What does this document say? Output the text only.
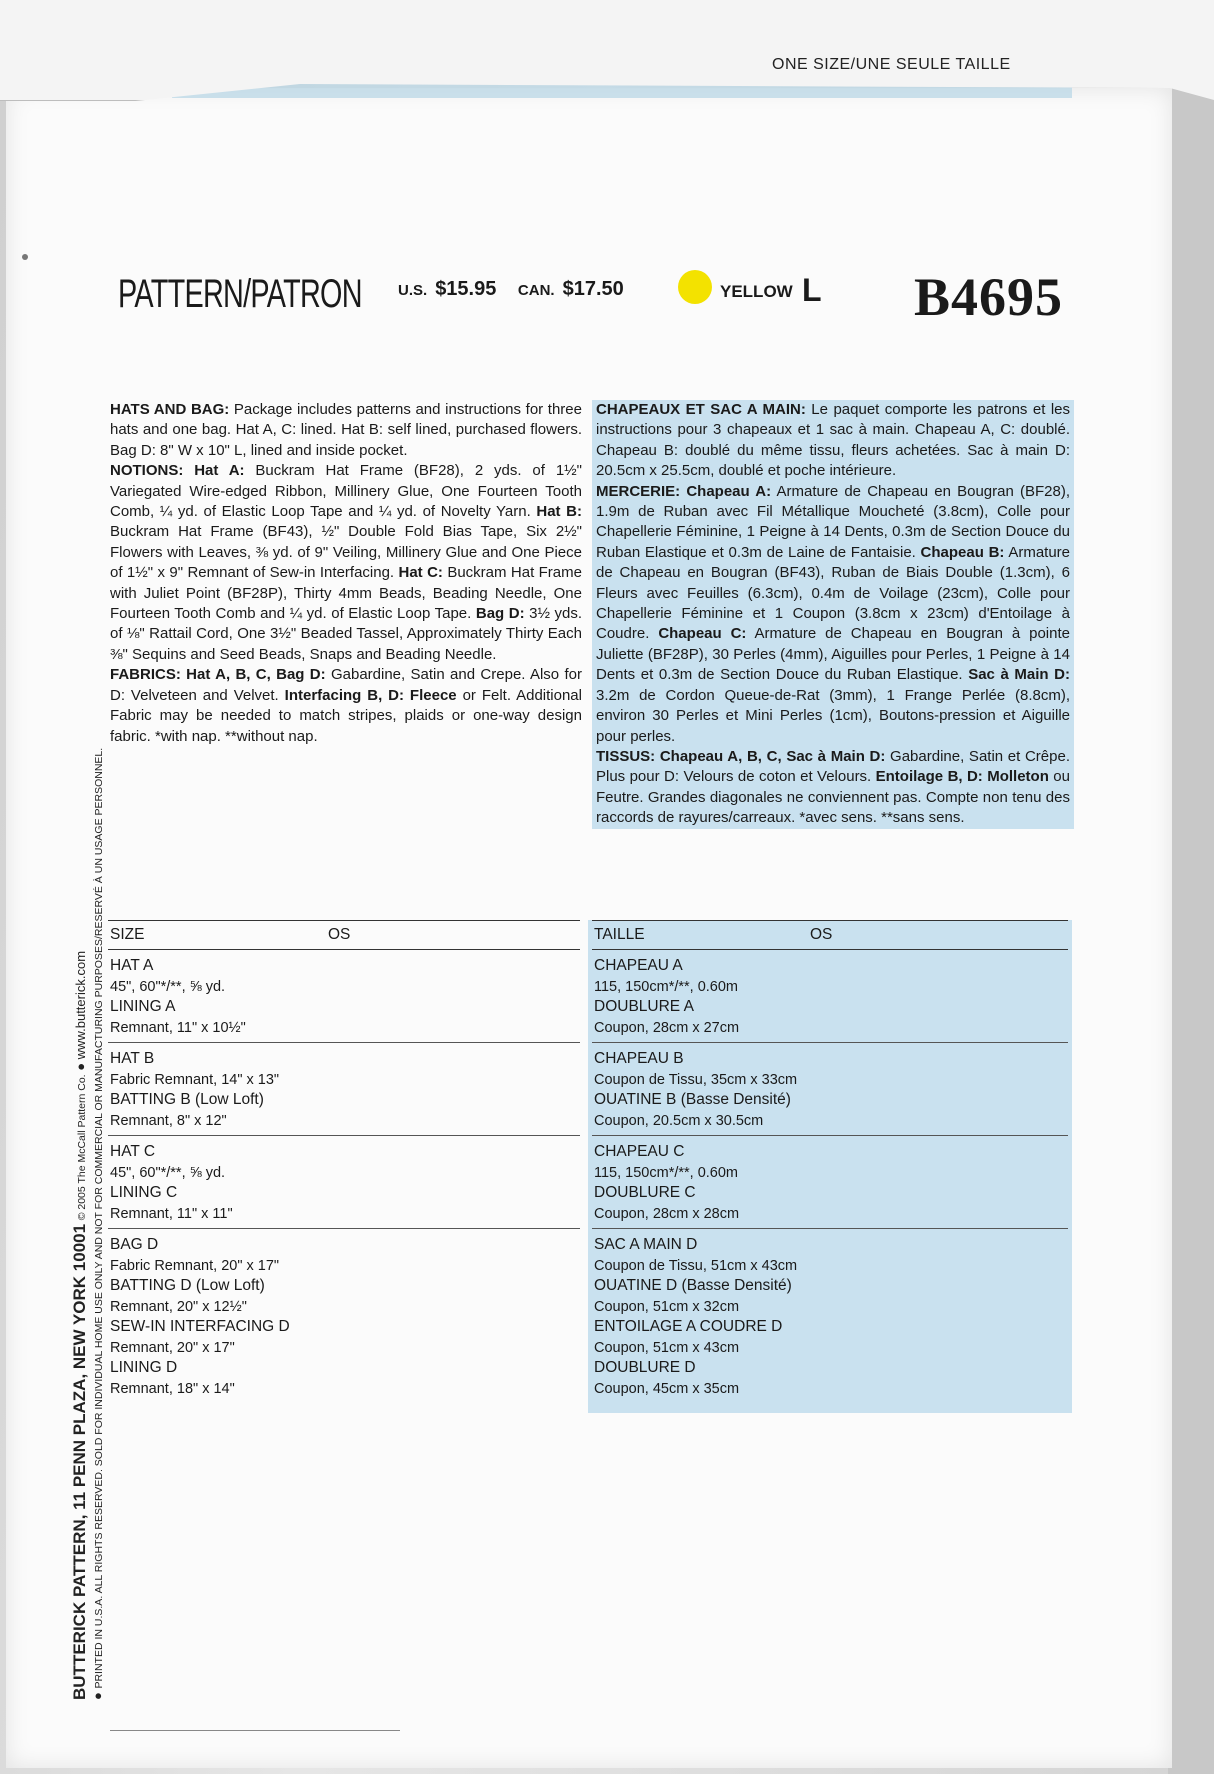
ONE SIZE/UNE SEULE TAILLE
PATTERN/PATRON U.S. $15.95 CAN. $17.50	YELLOW L B4695
BUTTERICK PATTERN, 11 PENN PLAZA, NEW YORK 10001 © 2005 The McCall Pattern Co. ● www.butterick.com
● PRINTED IN U.S.A. ALL RIGHTS RESERVED. SOLD FOR INDIVIDUAL HOME USE ONLY AND NOT FOR COMMERCIAL OR MANUFACTURING PURPOSES/RESERVÉ À UN USAGE PERSONNEL.
HATS AND BAG: Package includes patterns and instructions for three hats and one bag. Hat A, C: lined. Hat B: self lined, purchased flowers. Bag D: 8" W x 10" L, lined and inside pocket.
NOTIONS: Hat A: Buckram Hat Frame (BF28), 2 yds. of 1½" Variegated Wire-edged Ribbon, Millinery Glue, One Fourteen Tooth Comb, ¼ yd. of Elastic Loop Tape and ¼ yd. of Novelty Yarn. Hat B: Buckram Hat Frame (BF43), ½" Double Fold Bias Tape, Six 2½" Flowers with Leaves, ⅜ yd. of 9" Veiling, Millinery Glue and One Piece of 1½" x 9" Remnant of Sew-in Interfacing. Hat C: Buckram Hat Frame with Juliet Point (BF28P), Thirty 4mm Beads, Beading Needle, One Fourteen Tooth Comb and ¼ yd. of Elastic Loop Tape. Bag D: 3½ yds. of ⅛" Rattail Cord, One 3½" Beaded Tassel, Approximately Thirty Each ⅜" Sequins and Seed Beads, Snaps and Beading Needle.
FABRICS: Hat A, B, C, Bag D: Gabardine, Satin and Crepe. Also for D: Velveteen and Velvet. Interfacing B, D: Fleece or Felt. Additional Fabric may be needed to match stripes, plaids or one-way design fabric. *with nap. **without nap.
CHAPEAUX ET SAC A MAIN: Le paquet comporte les patrons et les instructions pour 3 chapeaux et 1 sac à main. Chapeau A, C: doublé. Chapeau B: doublé du même tissu, fleurs achetées. Sac à main D: 20.5cm x 25.5cm, doublé et poche intérieure.
MERCERIE: Chapeau A: Armature de Chapeau en Bougran (BF28), 1.9m de Ruban avec Fil Métallique Moucheté (3.8cm), Colle pour Chapellerie Féminine, 1 Peigne à 14 Dents, 0.3m de Section Douce du Ruban Elastique et 0.3m de Laine de Fantaisie. Chapeau B: Armature de Chapeau en Bougran (BF43), Ruban de Biais Double (1.3cm), 6 Fleurs avec Feuilles (6.3cm), 0.4m de Voilage (23cm), Colle pour Chapellerie Féminine et 1 Coupon (3.8cm x 23cm) d'Entoilage à Coudre. Chapeau C: Armature de Chapeau en Bougran à pointe Juliette (BF28P), 30 Perles (4mm), Aiguilles pour Perles, 1 Peigne à 14 Dents et 0.3m de Section Douce du Ruban Elastique. Sac à Main D: 3.2m de Cordon Queue-de-Rat (3mm), 1 Frange Perlée (8.8cm), environ 30 Perles et Mini Perles (1cm), Boutons-pression et Aiguille pour perles.
TISSUS: Chapeau A, B, C, Sac à Main D: Gabardine, Satin et Crêpe. Plus pour D: Velours de coton et Velours. Entoilage B, D: Molleton ou Feutre. Grandes diagonales ne conviennent pas. Compte non tenu des raccords de rayures/carreaux. *avec sens. **sans sens.
SIZE	OS
HAT A
45", 60"*/**, ⅝ yd.
LINING A
Remnant, 11" x 10½"
HAT B
Fabric Remnant, 14" x 13"
BATTING B (Low Loft)
Remnant, 8" x 12"
HAT C
45", 60"*/**, ⅝ yd.
LINING C
Remnant, 11" x 11"
BAG D
Fabric Remnant, 20" x 17"
BATTING D (Low Loft)
Remnant, 20" x 12½"
SEW-IN INTERFACING D
Remnant, 20" x 17"
LINING D
Remnant, 18" x 14"
TAILLE	OS
CHAPEAU A
115, 150cm*/**, 0.60m
DOUBLURE A
Coupon, 28cm x 27cm
CHAPEAU B
Coupon de Tissu, 35cm x 33cm
OUATINE B (Basse Densité)
Coupon, 20.5cm x 30.5cm
CHAPEAU C
115, 150cm*/**, 0.60m
DOUBLURE C
Coupon, 28cm x 28cm
SAC A MAIN D
Coupon de Tissu, 51cm x 43cm
OUATINE D (Basse Densité)
Coupon, 51cm x 32cm
ENTOILAGE A COUDRE D
Coupon, 51cm x 43cm
DOUBLURE D
Coupon, 45cm x 35cm
